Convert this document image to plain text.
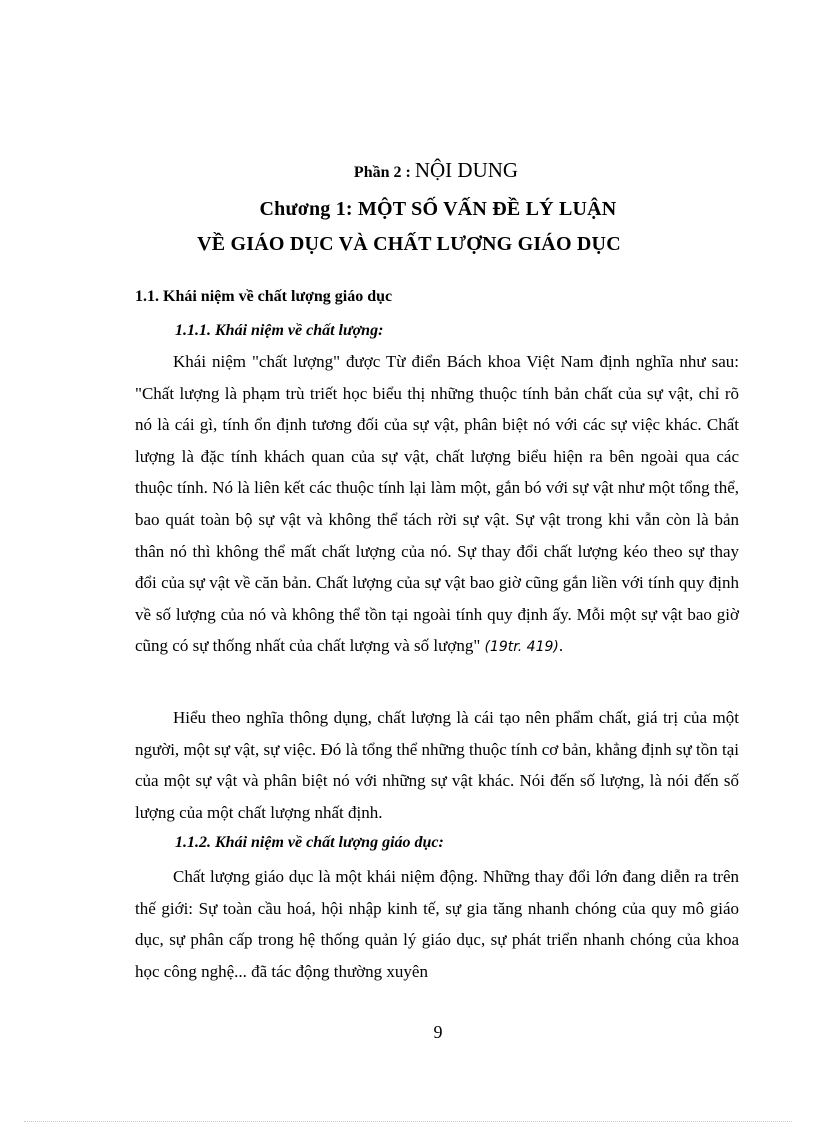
Phần 2 : NỘI DUNG
Chương 1: MỘT SỐ VẤN ĐỀ LÝ LUẬN
VỀ GIÁO DỤC VÀ CHẤT LƯỢNG GIÁO DỤC
1.1. Khái niệm về chất lượng giáo dục
1.1.1. Khái niệm về chất lượng:
Khái niệm "chất lượng" được Từ điển Bách khoa Việt Nam định nghĩa như sau: "Chất lượng là phạm trù triết học biểu thị những thuộc tính bản chất của sự vật, chỉ rõ nó là cái gì, tính ổn định tương đối của sự vật, phân biệt nó với các sự việc khác. Chất lượng là đặc tính khách quan của sự vật, chất lượng biểu hiện ra bên ngoài qua các thuộc tính. Nó là liên kết các thuộc tính lại làm một, gắn bó với sự vật như một tổng thể, bao quát toàn bộ sự vật và không thể tách rời sự vật. Sự vật trong khi vẫn còn là bản thân nó thì không thể mất chất lượng của nó. Sự thay đổi chất lượng kéo theo sự thay đổi của sự vật về căn bản. Chất lượng của sự vật bao giờ cũng gắn liền với tính quy định về số lượng của nó và không thể tồn tại ngoài tính quy định ấy. Mỗi một sự vật bao giờ cũng có sự thống nhất của chất lượng và số lượng" (19tr. 419).
Hiểu theo nghĩa thông dụng, chất lượng là cái tạo nên phẩm chất, giá trị của một người, một sự vật, sự việc. Đó là tổng thể những thuộc tính cơ bản, khẳng định sự tồn tại của một sự vật và phân biệt nó với những sự vật khác. Nói đến số lượng, là nói đến số lượng của một chất lượng nhất định.
1.1.2. Khái niệm về chất lượng giáo dục:
Chất lượng giáo dục là một khái niệm động. Những thay đổi lớn đang diễn ra trên thế giới: Sự toàn cầu hoá, hội nhập kinh tế, sự gia tăng nhanh chóng của quy mô giáo dục, sự phân cấp trong hệ thống quản lý giáo dục, sự phát triển nhanh chóng của khoa học công nghệ... đã tác động thường xuyên
9
